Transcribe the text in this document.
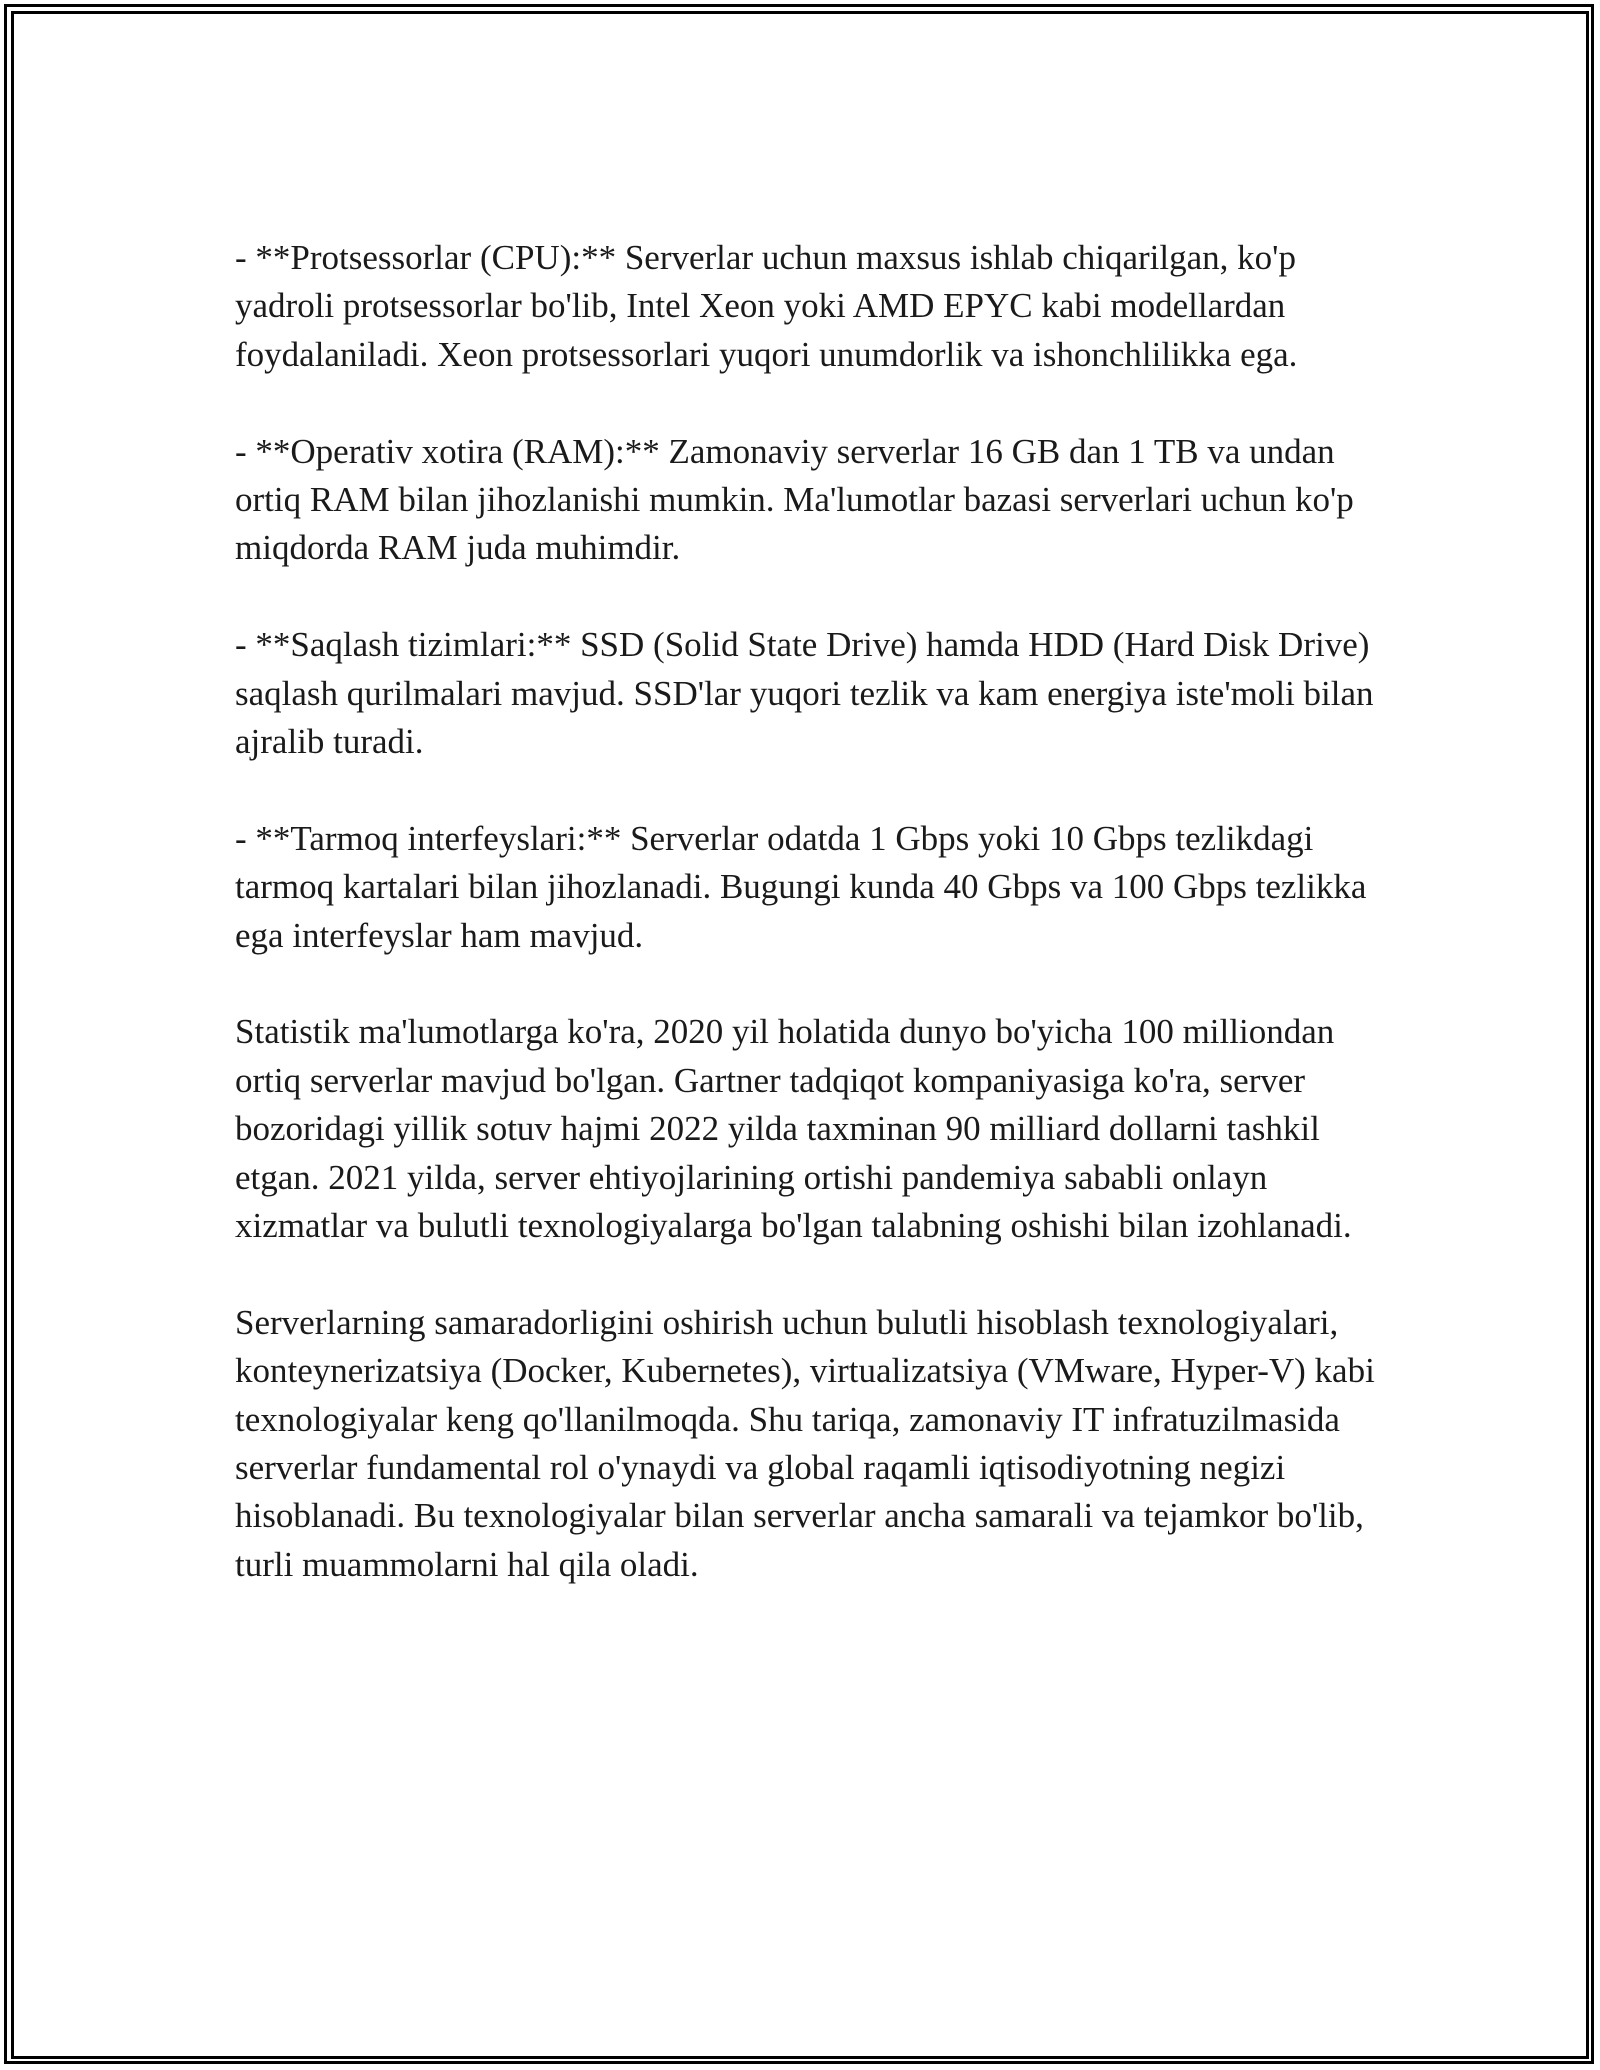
- **Protsessorlar (CPU):** Serverlar uchun maxsus ishlab chiqarilgan, ko'p yadroli protsessorlar bo'lib, Intel Xeon yoki AMD EPYC kabi modellardan foydalaniladi. Xeon protsessorlari yuqori unumdorlik va ishonchlilikka ega.

- **Operativ xotira (RAM):** Zamonaviy serverlar 16 GB dan 1 TB va undan ortiq RAM bilan jihozlanishi mumkin. Ma'lumotlar bazasi serverlari uchun ko'p miqdorda RAM juda muhimdir.

- **Saqlash tizimlari:** SSD (Solid State Drive) hamda HDD (Hard Disk Drive) saqlash qurilmalari mavjud. SSD'lar yuqori tezlik va kam energiya iste'moli bilan ajralib turadi.

- **Tarmoq interfeyslari:** Serverlar odatda 1 Gbps yoki 10 Gbps tezlikdagi tarmoq kartalari bilan jihozlanadi. Bugungi kunda 40 Gbps va 100 Gbps tezlikka ega interfeyslar ham mavjud.

Statistik ma'lumotlarga ko'ra, 2020 yil holatida dunyo bo'yicha 100 milliondan ortiq serverlar mavjud bo'lgan. Gartner tadqiqot kompaniyasiga ko'ra, server bozoridagi yillik sotuv hajmi 2022 yilda taxminan 90 milliard dollarni tashkil etgan. 2021 yilda, server ehtiyojlarining ortishi pandemiya sababli onlayn xizmatlar va bulutli texnologiyalarga bo'lgan talabning oshishi bilan izohlanadi.

Serverlarning samaradorligini oshirish uchun bulutli hisoblash texnologiyalari, konteynerizatsiya (Docker, Kubernetes), virtualizatsiya (VMware, Hyper-V) kabi texnologiyalar keng qo'llanilmoqda. Shu tariqa, zamonaviy IT infratuzilmasida serverlar fundamental rol o'ynaydi va global raqamli iqtisodiyotning negizi hisoblanadi. Bu texnologiyalar bilan serverlar ancha samarali va tejamkor bo'lib, turli muammolarni hal qila oladi.
